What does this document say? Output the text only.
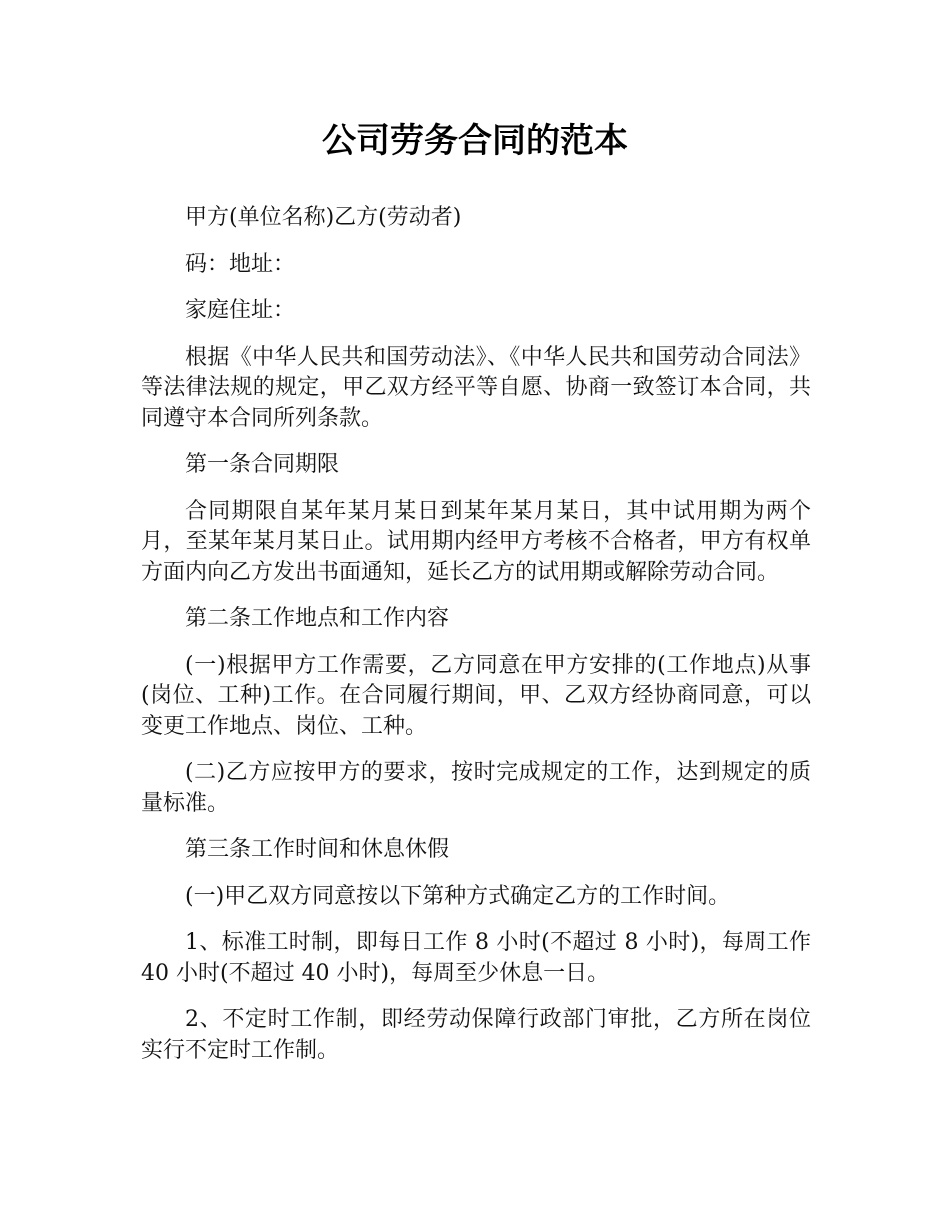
公司劳务合同的范本

甲方(单位名称)乙方(劳动者)

码：地址：

家庭住址：

根据《中华人民共和国劳动法》、《中华人民共和国劳动合同法》等法律法规的规定，甲乙双方经平等自愿、协商一致签订本合同，共同遵守本合同所列条款。

第一条合同期限

合同期限自某年某月某日到某年某月某日，其中试用期为两个月，至某年某月某日止。试用期内经甲方考核不合格者，甲方有权单方面内向乙方发出书面通知，延长乙方的试用期或解除劳动合同。

第二条工作地点和工作内容

(一)根据甲方工作需要，乙方同意在甲方安排的(工作地点)从事(岗位、工种)工作。在合同履行期间，甲、乙双方经协商同意，可以变更工作地点、岗位、工种。

(二)乙方应按甲方的要求，按时完成规定的工作，达到规定的质量标准。

第三条工作时间和休息休假

(一)甲乙双方同意按以下第种方式确定乙方的工作时间。

1、标准工时制，即每日工作 8 小时(不超过 8 小时)，每周工作 40 小时(不超过 40 小时)，每周至少休息一日。

2、不定时工作制，即经劳动保障行政部门审批，乙方所在岗位实行不定时工作制。
